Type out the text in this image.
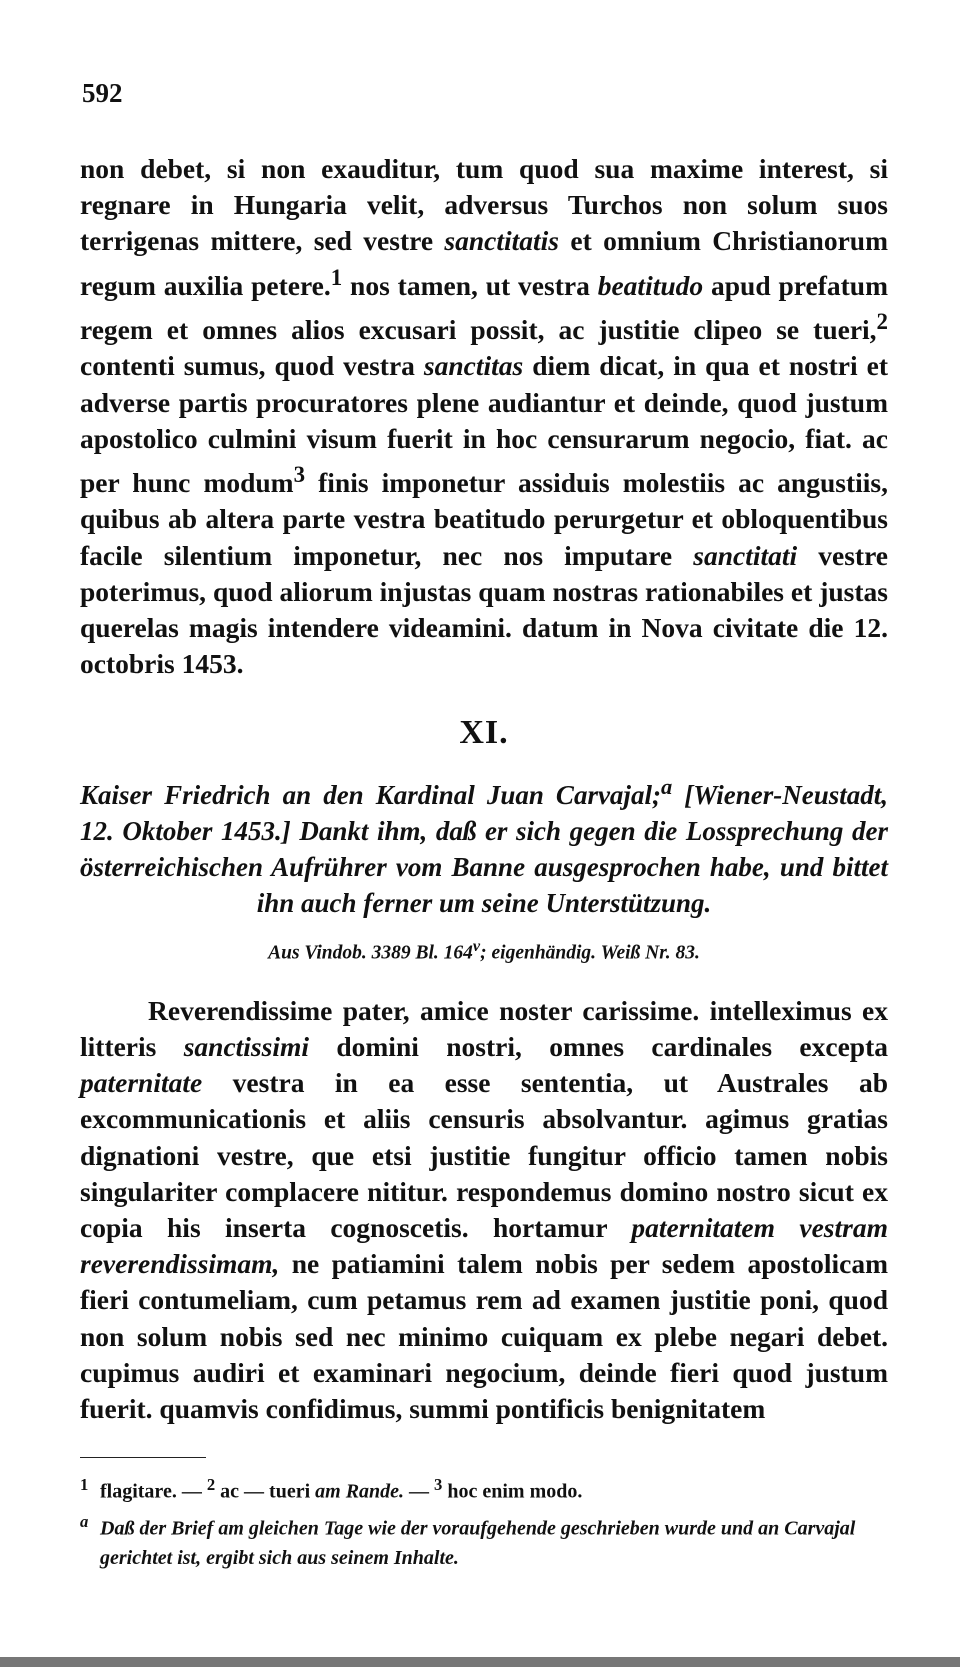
592

non debet, si non exauditur, tum quod sua maxime interest, si regnare in Hungaria velit, adversus Turchos non solum suos terrigenas mittere, sed vestre sanctitatis et omnium Christianorum regum auxilia petere.$^1$ nos tamen, ut vestra beatitudo apud prefatum regem et omnes alios excusari possit, ac justitie clipeo se tueri,$^2$ contenti sumus, quod vestra sanctitas diem dicat, in qua et nostri et adverse partis procuratores plene audiantur et deinde, quod justum apostolico culmini visum fuerit in hoc censurarum negocio, fiat. ac per hunc modum$^3$ finis imponetur assiduis molestiis ac angustiis, quibus ab altera parte vestra beatitudo perurgetur et obloquentibus facile silentium imponetur, nec nos imputare sanctitati vestre poterimus, quod aliorum injustas quam nostras rationabiles et justas querelas magis intendere videamini. datum in Nova civitate die 12. octobris 1453.

XI.

Kaiser Friedrich an den Kardinal Juan Carvajal;$^a$ [Wiener-Neustadt, 12. Oktober 1453.] Dankt ihm, daß er sich gegen die Lossprechung der österreichischen Aufrührer vom Banne ausgesprochen habe, und bittet ihn auch ferner um seine Unterstützung.

Aus Vindob. 3389 Bl. 164$^v$; eigenhändig. Weiß Nr. 83.

Reverendissime pater, amice noster carissime. intelleximus ex litteris sanctissimi domini nostri, omnes cardinales excepta paternitate vestra in ea esse sententia, ut Australes ab excommunicationis et aliis censuris absolvantur. agimus gratias dignationi vestre, que etsi justitie fungitur officio tamen nobis singulariter complacere nititur. respondemus domino nostro sicut ex copia his inserta cognoscetis. hortamur paternitatem vestram reverendissimam, ne patiamini talem nobis per sedem apostolicam fieri contumeliam, cum petamus rem ad examen justitie poni, quod non solum nobis sed nec minimo cuiquam ex plebe negari debet. cupimus audiri et examinari negocium, deinde fieri quod justum fuerit. quamvis confidimus, summi pontificis benignitatem

$^1$ flagitare. — $^2$ ac — tueri am Rande. — $^3$ hoc enim modo.

$^a$ Daß der Brief am gleichen Tage wie der voraufgehende geschrieben wurde und an Carvajal gerichtet ist, ergibt sich aus seinem Inhalte.
